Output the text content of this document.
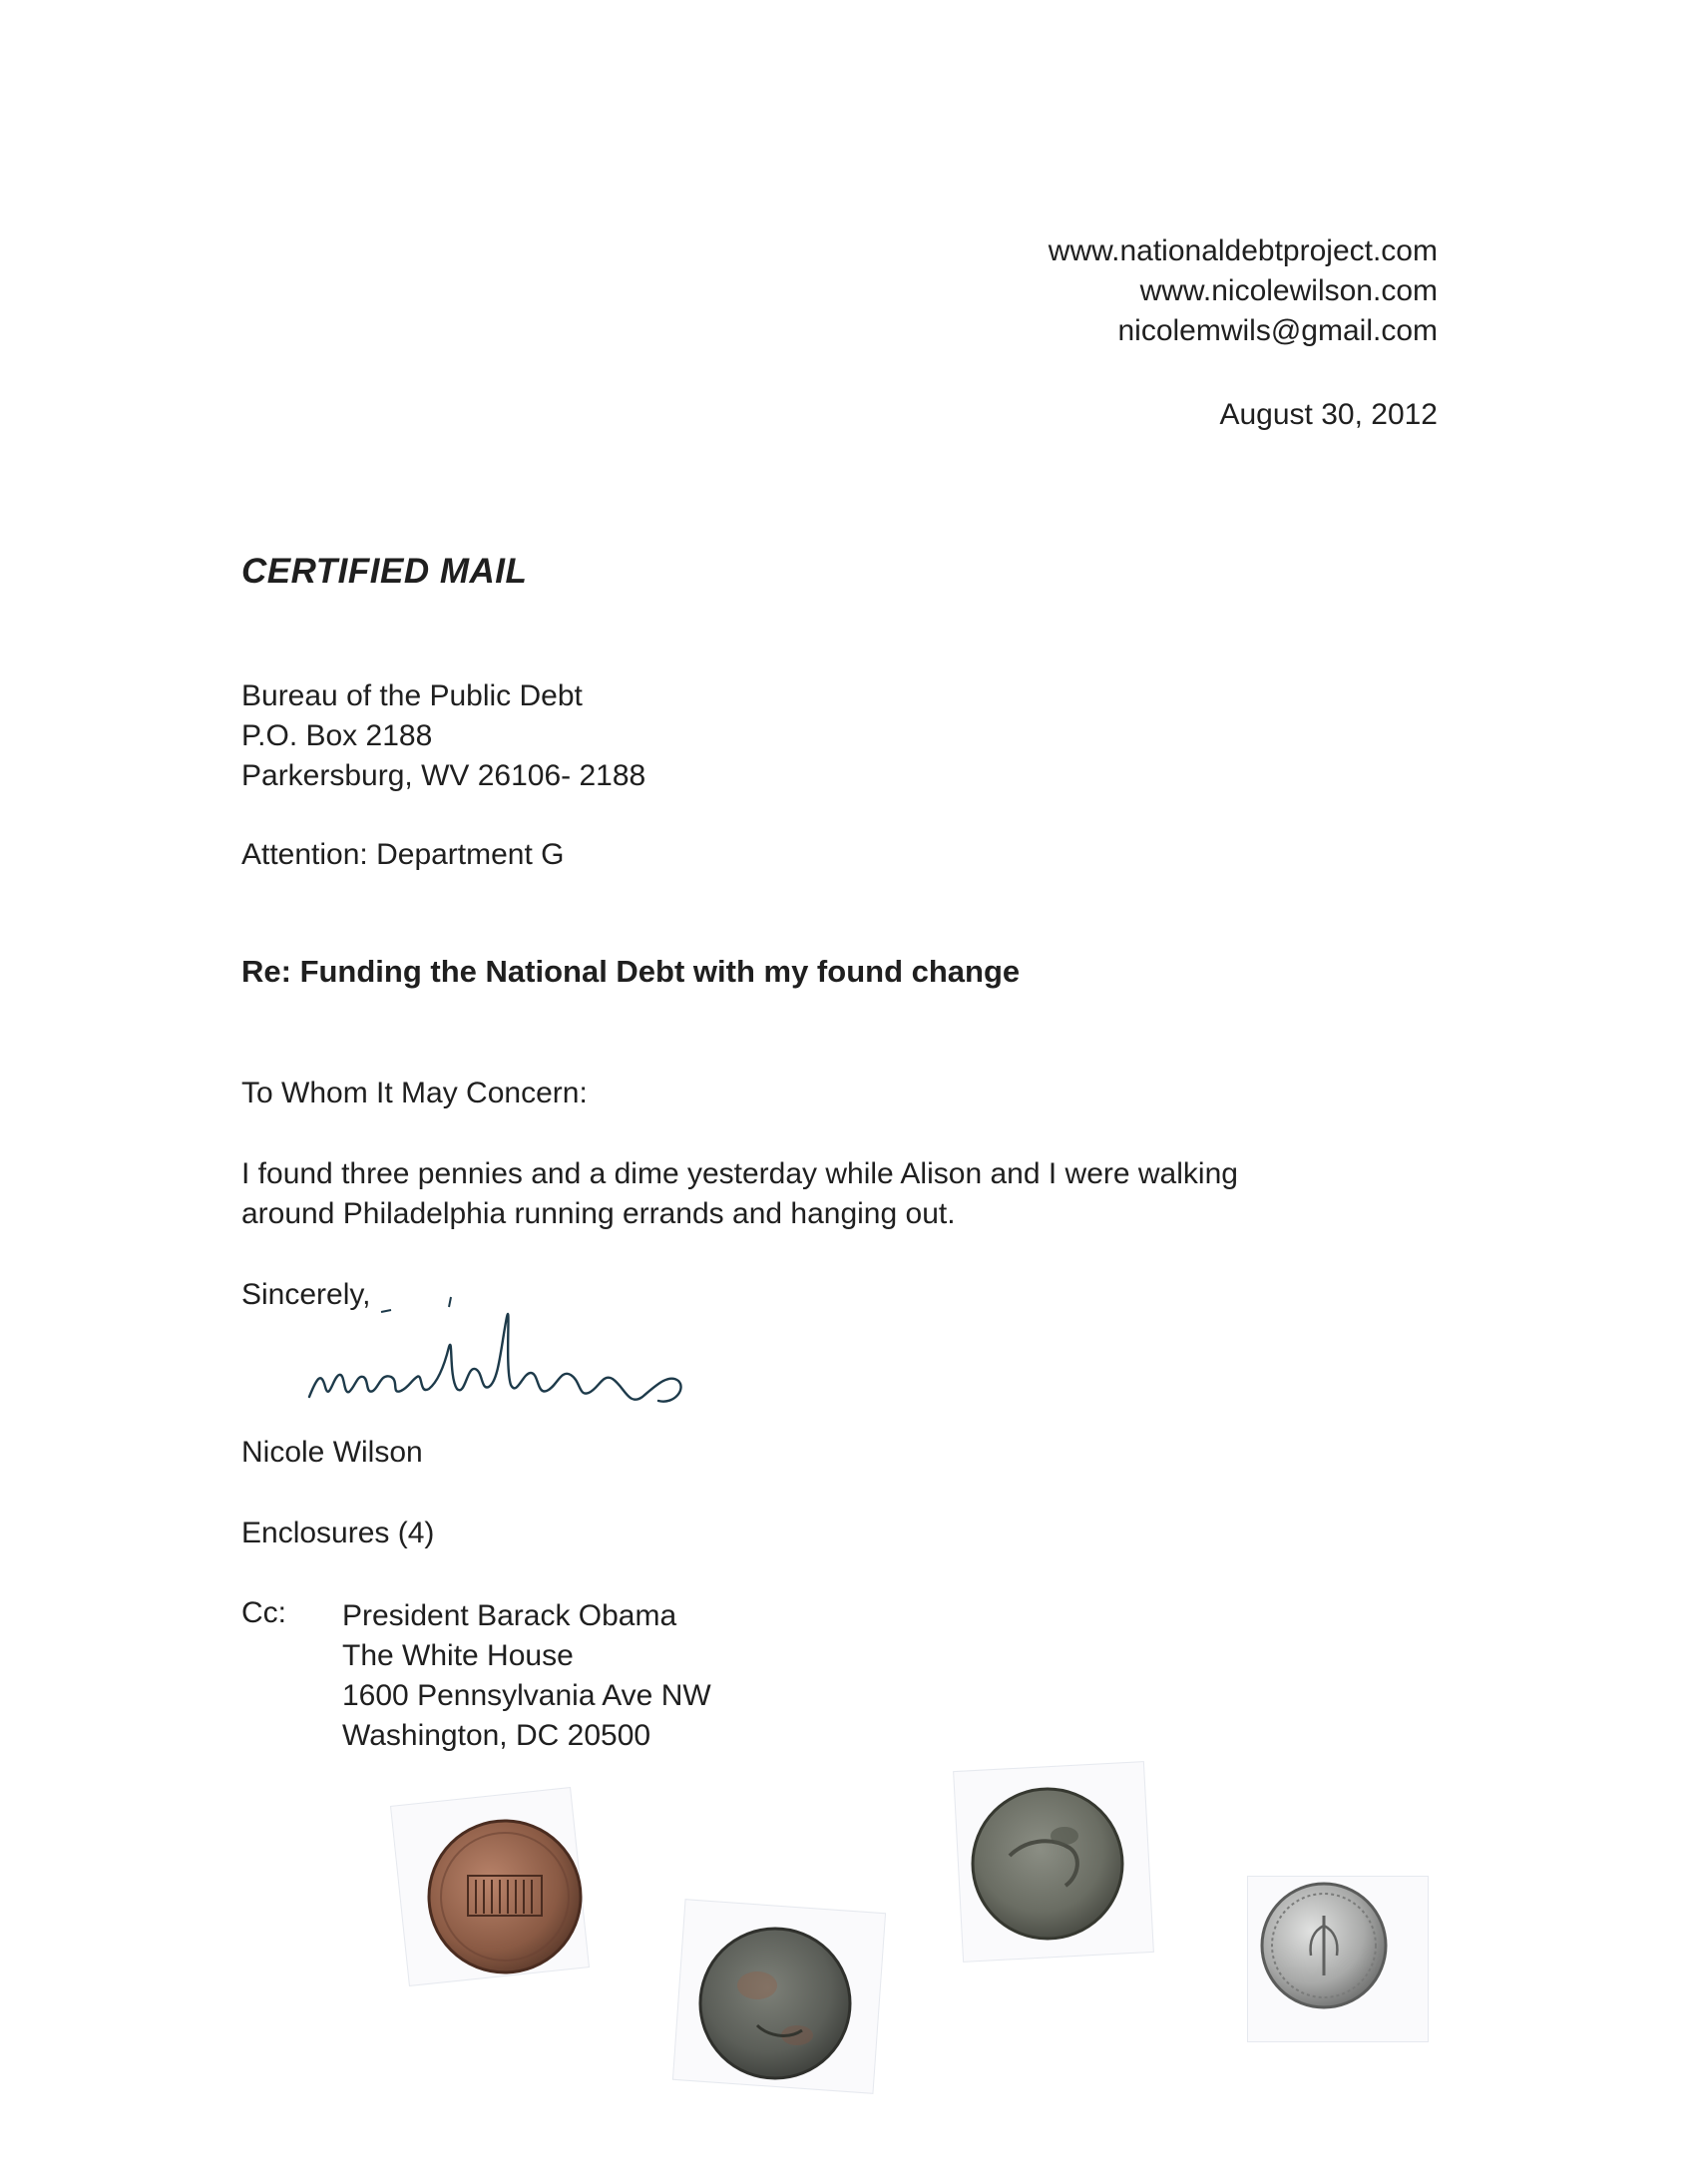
www.nationaldebtproject.com
www.nicolewilson.com
nicolemwils@gmail.com
August 30, 2012
CERTIFIED MAIL
Bureau of the Public Debt
P.O. Box 2188
Parkersburg, WV 26106- 2188
Attention: Department G
Re: Funding the National Debt with my found change
To Whom It May Concern:
I found three pennies and a dime yesterday while Alison and I were walking
around Philadelphia running errands and hanging out.
Sincerely,
Nicole Wilson
Enclosures (4)
Cc: President Barack Obama
The White House
1600 Pennsylvania Ave NW
Washington, DC 20500
